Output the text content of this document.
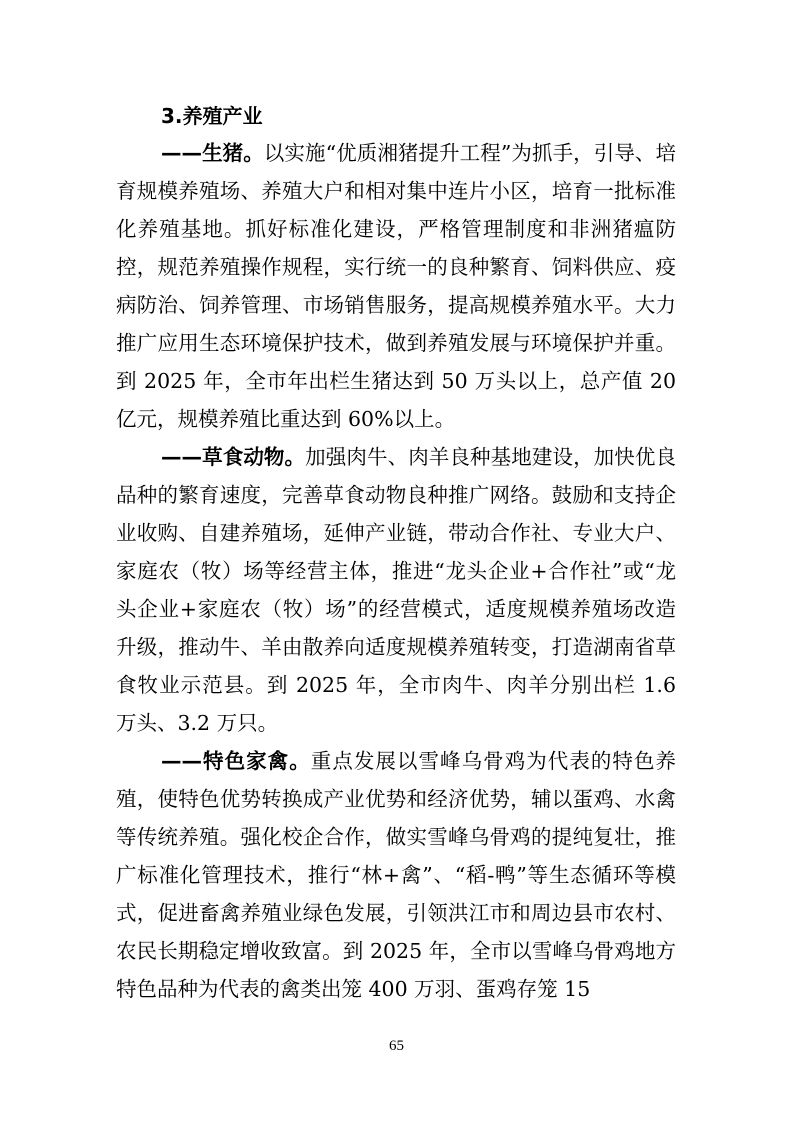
3.养殖产业

——生猪。以实施“优质湘猪提升工程”为抓手，引导、培育规模养殖场、养殖大户和相对集中连片小区，培育一批标准化养殖基地。抓好标准化建设，严格管理制度和非洲猪瘟防控，规范养殖操作规程，实行统一的良种繁育、饲料供应、疫病防治、饲养管理、市场销售服务，提高规模养殖水平。大力推广应用生态环境保护技术，做到养殖发展与环境保护并重。到 2025 年，全市年出栏生猪达到 50 万头以上，总产值 20 亿元，规模养殖比重达到 60%以上。

——草食动物。加强肉牛、肉羊良种基地建设，加快优良品种的繁育速度，完善草食动物良种推广网络。鼓励和支持企业收购、自建养殖场，延伸产业链，带动合作社、专业大户、家庭农（牧）场等经营主体，推进“龙头企业+合作社”或“龙头企业+家庭农（牧）场”的经营模式，适度规模养殖场改造升级，推动牛、羊由散养向适度规模养殖转变，打造湖南省草食牧业示范县。到 2025 年，全市肉牛、肉羊分别出栏 1.6 万头、3.2 万只。

——特色家禽。重点发展以雪峰乌骨鸡为代表的特色养殖，使特色优势转换成产业优势和经济优势，辅以蛋鸡、水禽等传统养殖。强化校企合作，做实雪峰乌骨鸡的提纯复壮，推广标准化管理技术，推行“林+禽”、“稻-鸭”等生态循环等模式，促进畜禽养殖业绿色发展，引领洪江市和周边县市农村、农民长期稳定增收致富。到 2025 年，全市以雪峰乌骨鸡地方特色品种为代表的禽类出笼 400 万羽、蛋鸡存笼 15

65
